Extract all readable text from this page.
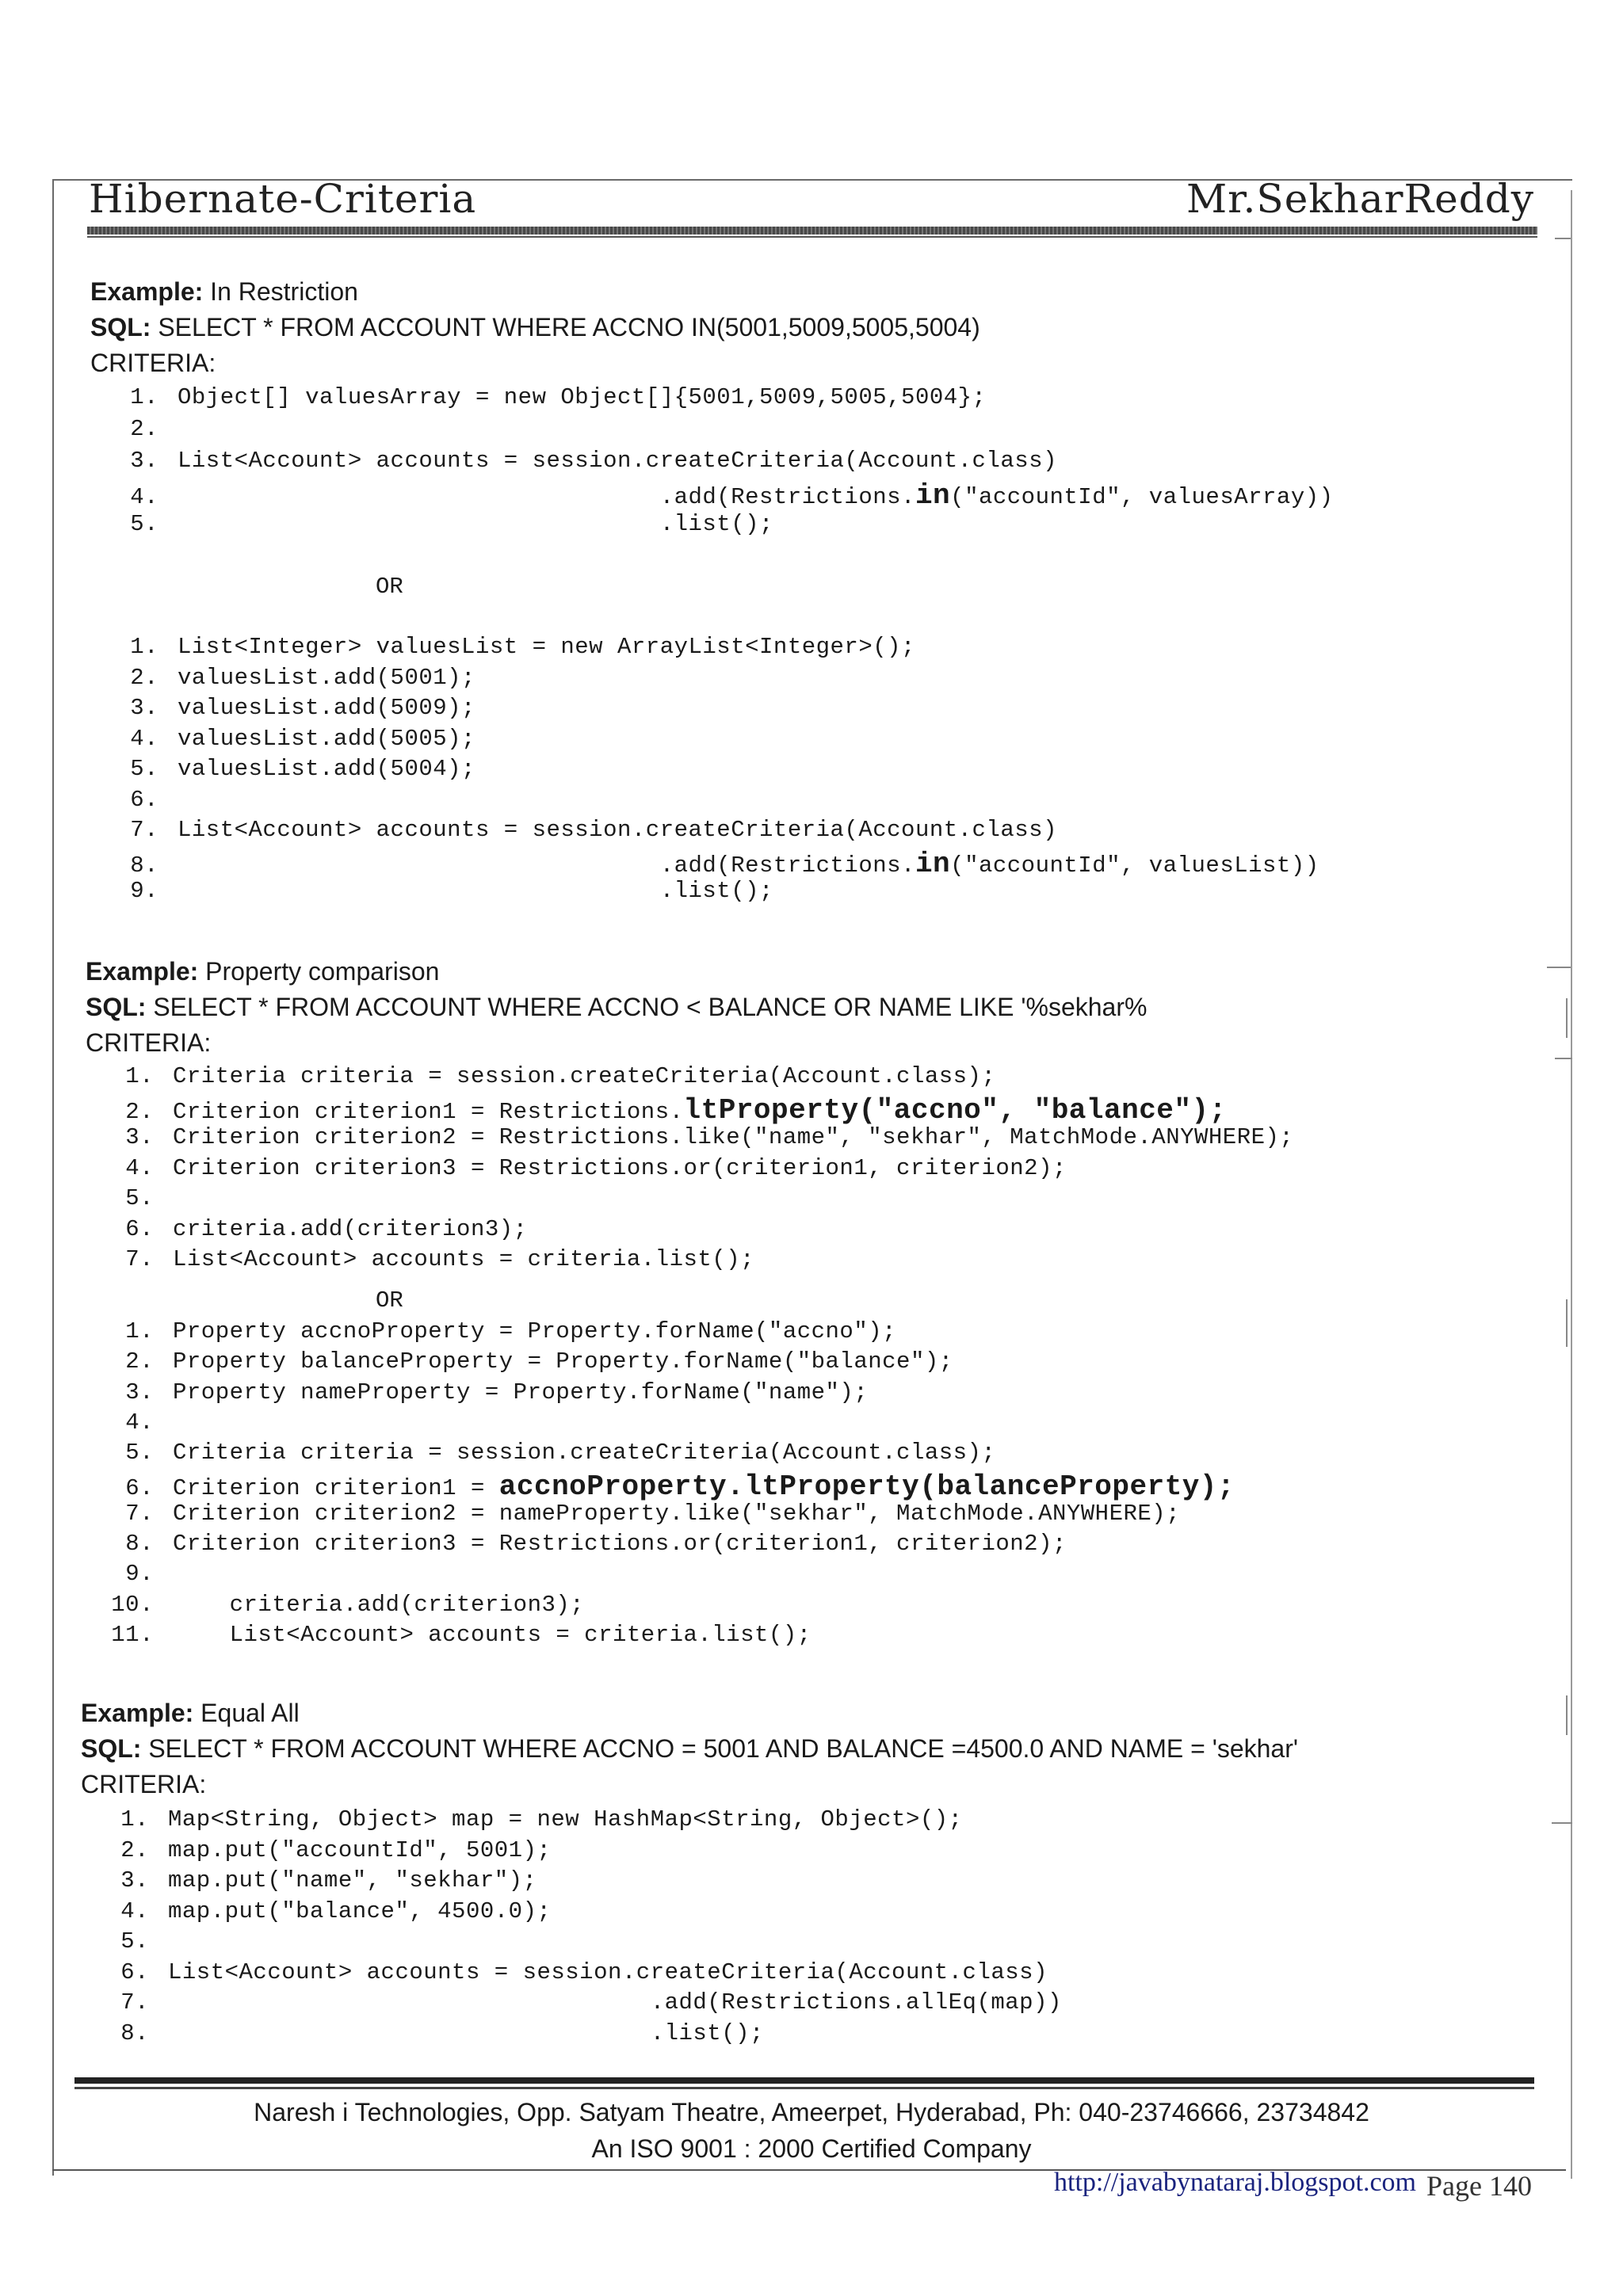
Hibernate-Criteria	Mr.SekharReddy
Example: In Restriction
SQL: SELECT * FROM ACCOUNT WHERE ACCNO IN(5001,5009,5005,5004)
CRITERIA:
1. Object[] valuesArray = new Object[]{5001,5009,5005,5004};
2.
3. List<Account> accounts = session.createCriteria(Account.class)
4.                                  .add(Restrictions.in("accountId", valuesArray))
5.                                  .list();
OR
1. List<Integer> valuesList = new ArrayList<Integer>();
2. valuesList.add(5001);
3. valuesList.add(5009);
4. valuesList.add(5005);
5. valuesList.add(5004);
6.
7. List<Account> accounts = session.createCriteria(Account.class)
8.                                  .add(Restrictions.in("accountId", valuesList))
9.                                  .list();
Example: Property comparison
SQL: SELECT * FROM ACCOUNT WHERE ACCNO < BALANCE OR NAME LIKE '%sekhar%
CRITERIA:
1. Criteria criteria = session.createCriteria(Account.class);
2. Criterion criterion1 = Restrictions.ltProperty("accno", "balance");
3. Criterion criterion2 = Restrictions.like("name", "sekhar", MatchMode.ANYWHERE);
4. Criterion criterion3 = Restrictions.or(criterion1, criterion2);
5.
6. criteria.add(criterion3);
7. List<Account> accounts = criteria.list();
OR
1. Property accnoProperty = Property.forName("accno");
2. Property balanceProperty = Property.forName("balance");
3. Property nameProperty = Property.forName("name");
4.
5. Criteria criteria = session.createCriteria(Account.class);
6. Criterion criterion1 = accnoProperty.ltProperty(balanceProperty);
7. Criterion criterion2 = nameProperty.like("sekhar", MatchMode.ANYWHERE);
8. Criterion criterion3 = Restrictions.or(criterion1, criterion2);
9.
10.    criteria.add(criterion3);
11.    List<Account> accounts = criteria.list();
Example: Equal All
SQL: SELECT * FROM ACCOUNT WHERE ACCNO = 5001 AND BALANCE =4500.0 AND NAME = 'sekhar'
CRITERIA:
1. Map<String, Object> map = new HashMap<String, Object>();
2. map.put("accountId", 5001);
3. map.put("name", "sekhar");
4. map.put("balance", 4500.0);
5.
6. List<Account> accounts = session.createCriteria(Account.class)
7.                                  .add(Restrictions.allEq(map))
8.                                  .list();
Naresh i Technologies, Opp. Satyam Theatre, Ameerpet, Hyderabad, Ph: 040-23746666, 23734842
An ISO 9001 : 2000 Certified Company
http://javabynataraj.blogspot.com Page 140
